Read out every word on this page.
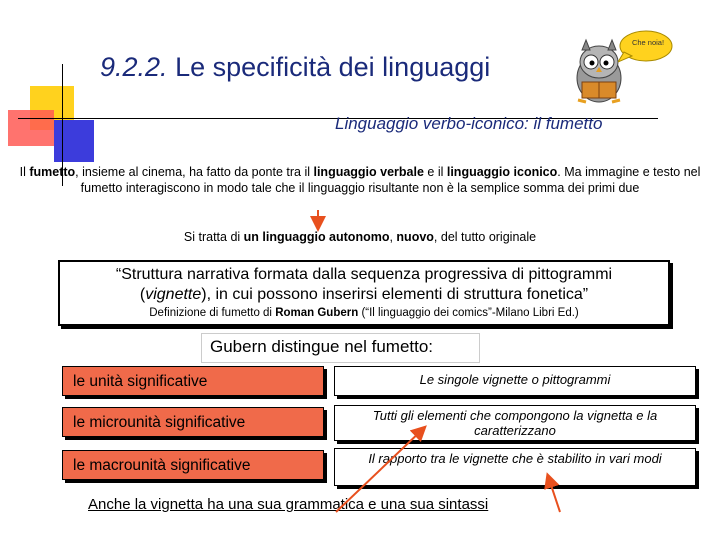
9.2.2. Le specificità dei linguaggi
Che noia!
Linguaggio verbo-iconico: il fumetto
Il fumetto, insieme al cinema, ha fatto da ponte tra il linguaggio verbale e il linguaggio iconico. Ma immagine e testo nel fumetto interagiscono in modo tale che il linguaggio risultante non è la semplice somma dei primi due
Si tratta di un linguaggio autonomo, nuovo, del tutto originale
“Struttura narrativa formata dalla sequenza progressiva di pittogrammi
(vignette), in cui possono inserirsi elementi di struttura fonetica”
Definizione di fumetto di Roman Gubern (“Il linguaggio dei comics”-Milano Libri Ed.)
Gubern distingue nel fumetto:
le unità significative
le microunità significative
le macrounità significative
Le singole vignette o pittogrammi
Tutti gli elementi che compongono la vignetta e la caratterizzano
Il rapporto tra le vignette che è stabilito in vari modi
Anche la vignetta ha una sua grammatica e una sua sintassi
